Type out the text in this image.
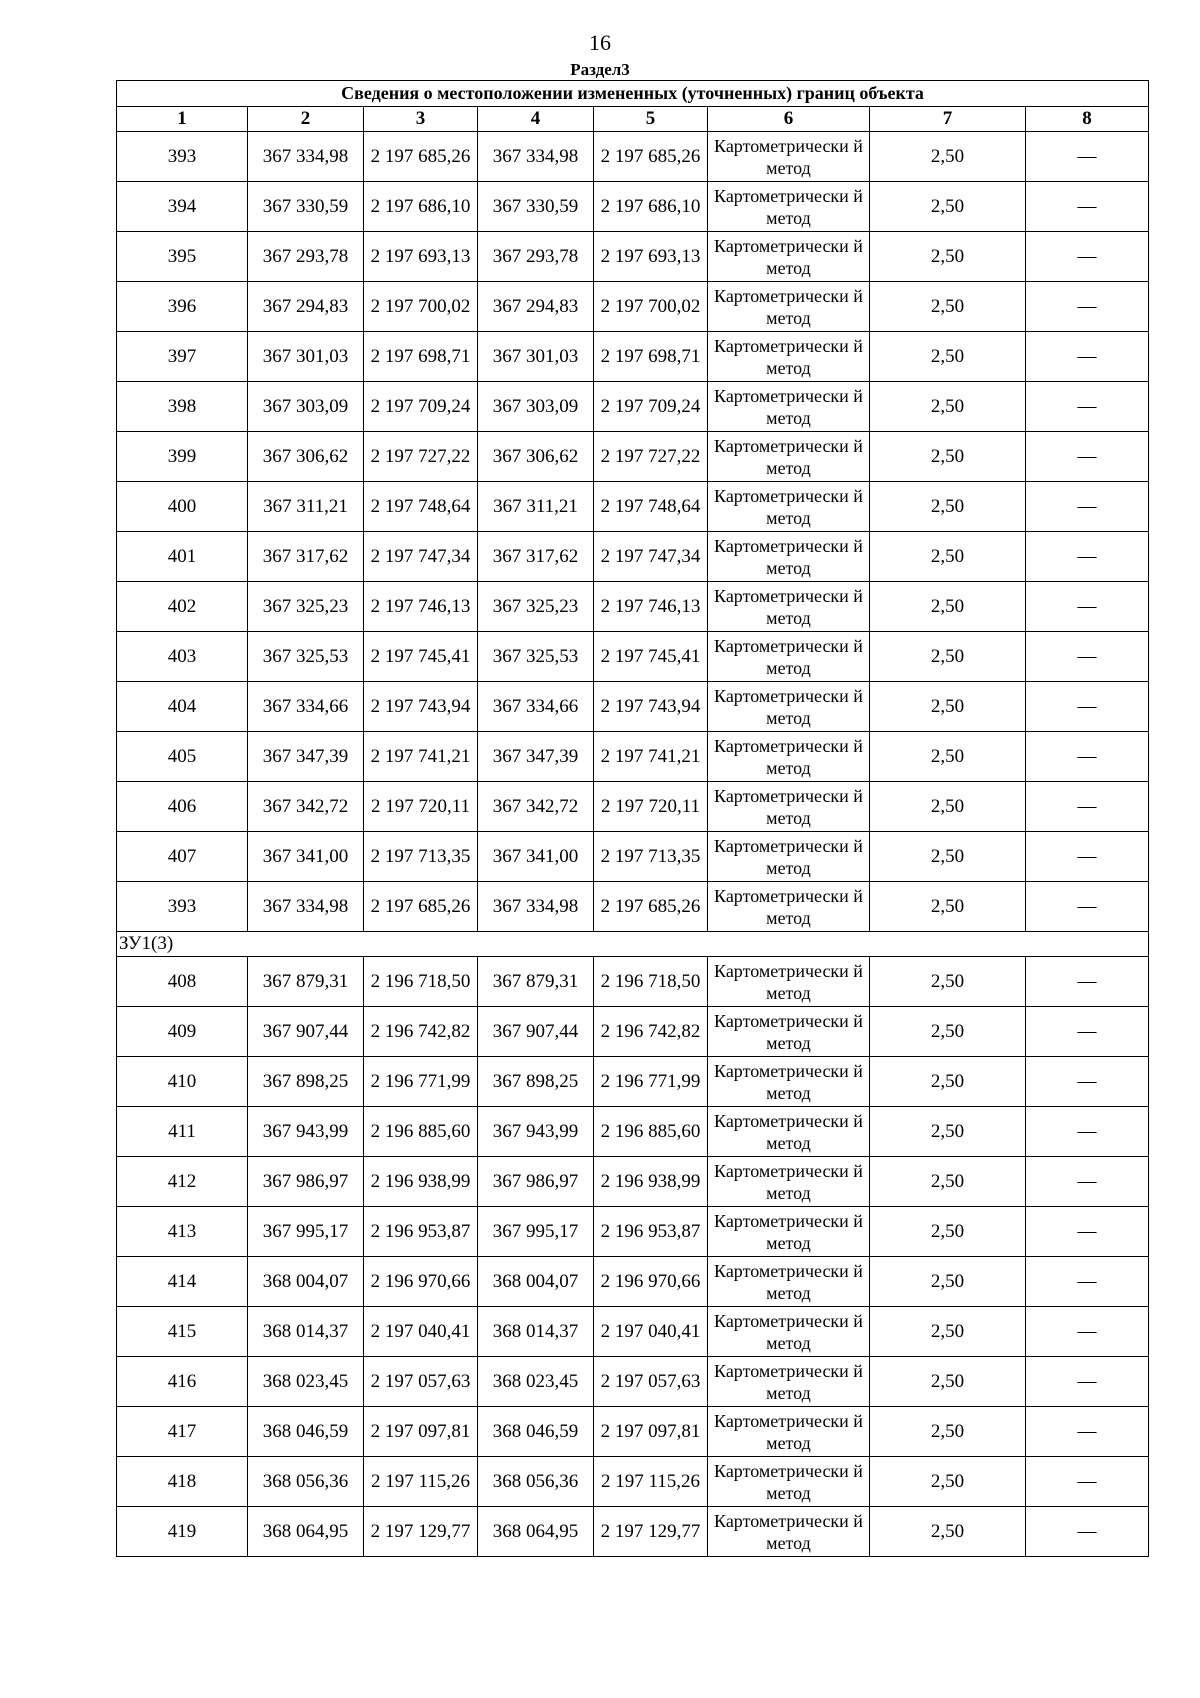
16
Раздел3
Сведения о местоположении измененных (уточненных) границ объекта							
1	2	3	4	5	6	7	8
393	367 334,98	2 197 685,26	367 334,98	2 197 685,26	Картометрически й метод	2,50	—
394	367 330,59	2 197 686,10	367 330,59	2 197 686,10	Картометрически й метод	2,50	—
395	367 293,78	2 197 693,13	367 293,78	2 197 693,13	Картометрически й метод	2,50	—
396	367 294,83	2 197 700,02	367 294,83	2 197 700,02	Картометрически й метод	2,50	—
397	367 301,03	2 197 698,71	367 301,03	2 197 698,71	Картометрически й метод	2,50	—
398	367 303,09	2 197 709,24	367 303,09	2 197 709,24	Картометрически й метод	2,50	—
399	367 306,62	2 197 727,22	367 306,62	2 197 727,22	Картометрически й метод	2,50	—
400	367 311,21	2 197 748,64	367 311,21	2 197 748,64	Картометрически й метод	2,50	—
401	367 317,62	2 197 747,34	367 317,62	2 197 747,34	Картометрически й метод	2,50	—
402	367 325,23	2 197 746,13	367 325,23	2 197 746,13	Картометрически й метод	2,50	—
403	367 325,53	2 197 745,41	367 325,53	2 197 745,41	Картометрически й метод	2,50	—
404	367 334,66	2 197 743,94	367 334,66	2 197 743,94	Картометрически й метод	2,50	—
405	367 347,39	2 197 741,21	367 347,39	2 197 741,21	Картометрически й метод	2,50	—
406	367 342,72	2 197 720,11	367 342,72	2 197 720,11	Картометрически й метод	2,50	—
407	367 341,00	2 197 713,35	367 341,00	2 197 713,35	Картометрически й метод	2,50	—
393	367 334,98	2 197 685,26	367 334,98	2 197 685,26	Картометрически й метод	2,50	—
ЗУ1(3)							
408	367 879,31	2 196 718,50	367 879,31	2 196 718,50	Картометрически й метод	2,50	—
409	367 907,44	2 196 742,82	367 907,44	2 196 742,82	Картометрически й метод	2,50	—
410	367 898,25	2 196 771,99	367 898,25	2 196 771,99	Картометрически й метод	2,50	—
411	367 943,99	2 196 885,60	367 943,99	2 196 885,60	Картометрически й метод	2,50	—
412	367 986,97	2 196 938,99	367 986,97	2 196 938,99	Картометрически й метод	2,50	—
413	367 995,17	2 196 953,87	367 995,17	2 196 953,87	Картометрически й метод	2,50	—
414	368 004,07	2 196 970,66	368 004,07	2 196 970,66	Картометрически й метод	2,50	—
415	368 014,37	2 197 040,41	368 014,37	2 197 040,41	Картометрически й метод	2,50	—
416	368 023,45	2 197 057,63	368 023,45	2 197 057,63	Картометрически й метод	2,50	—
417	368 046,59	2 197 097,81	368 046,59	2 197 097,81	Картометрически й метод	2,50	—
418	368 056,36	2 197 115,26	368 056,36	2 197 115,26	Картометрически й метод	2,50	—
419	368 064,95	2 197 129,77	368 064,95	2 197 129,77	Картометрически й метод	2,50	—
